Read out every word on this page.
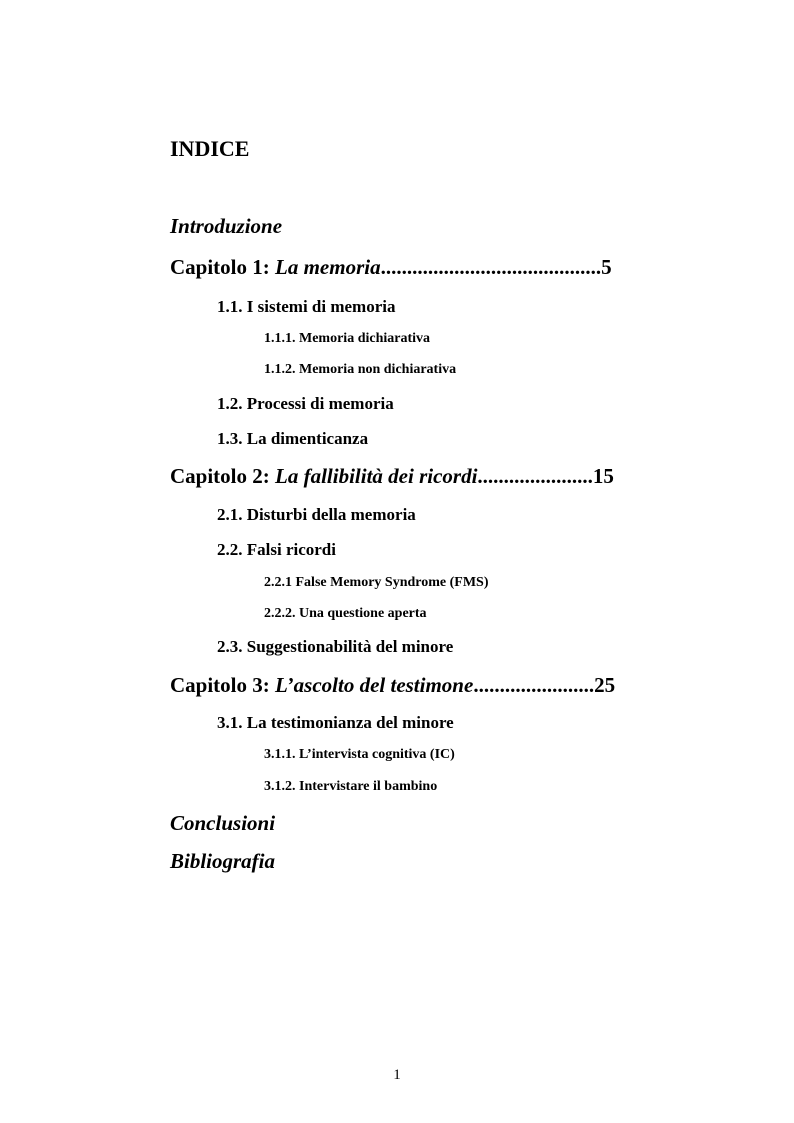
INDICE
Introduzione
Capitolo 1: La memoria..........................................5
1.1. I sistemi di memoria
1.1.1. Memoria dichiarativa
1.1.2. Memoria non dichiarativa
1.2. Processi di memoria
1.3. La dimenticanza
Capitolo 2: La fallibilità dei ricordi......................15
2.1. Disturbi della memoria
2.2. Falsi ricordi
2.2.1 False Memory Syndrome (FMS)
2.2.2. Una questione aperta
2.3. Suggestionabilità del minore
Capitolo 3: L’ascolto del testimone.......................25
3.1. La testimonianza del minore
3.1.1. L’intervista cognitiva (IC)
3.1.2. Intervistare il bambino
Conclusioni
Bibliografia
1
